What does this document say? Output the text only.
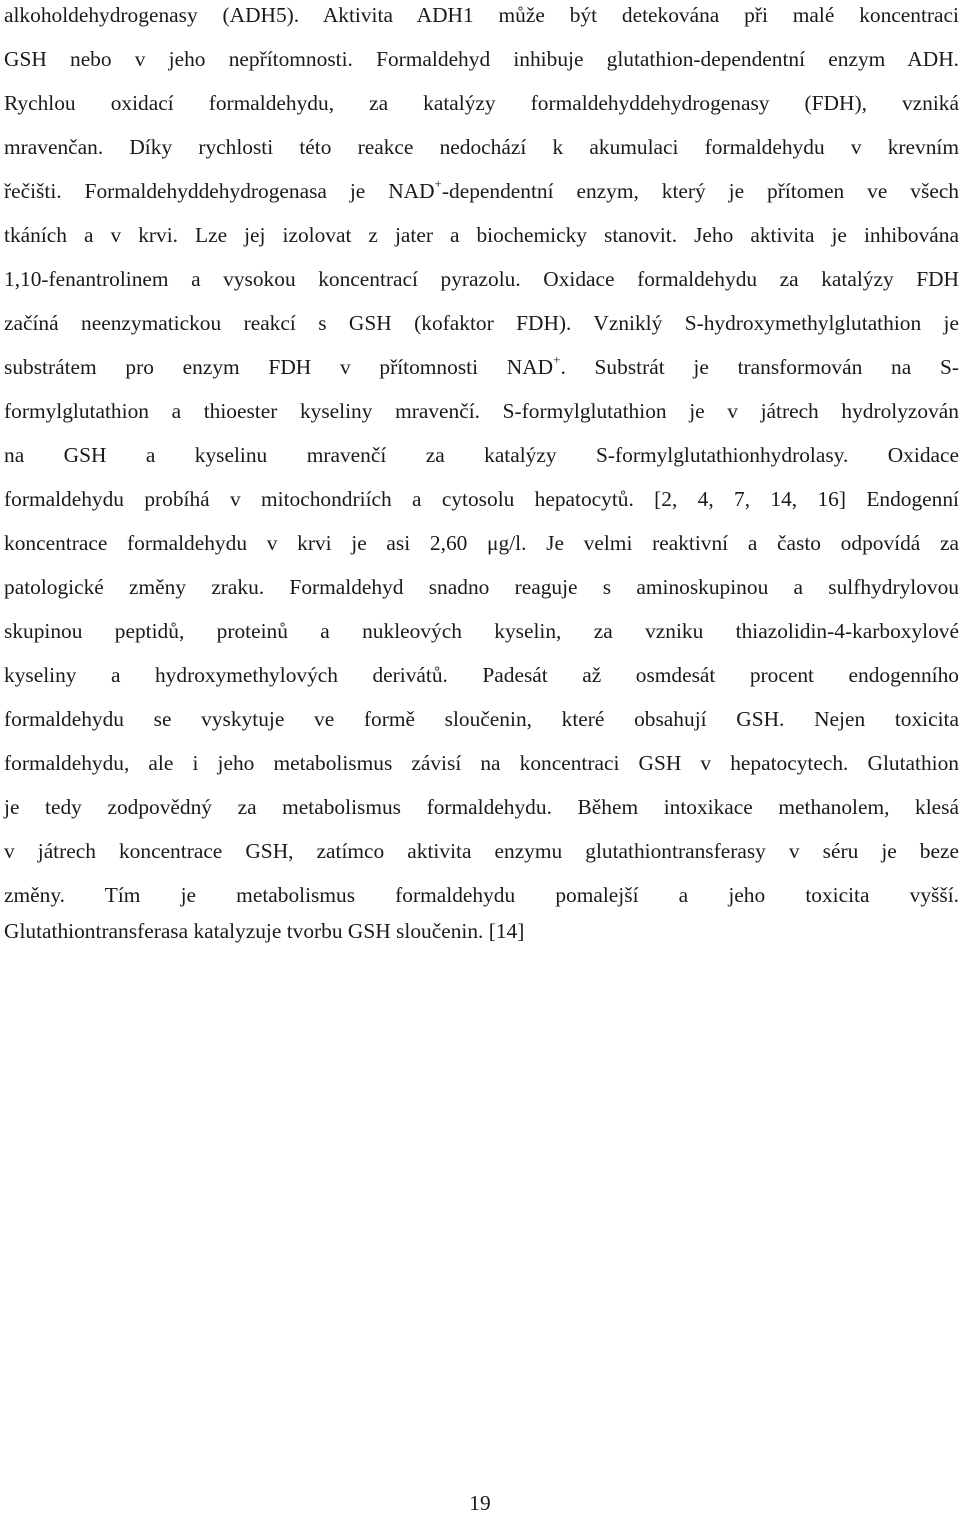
alkoholdehydrogenasy (ADH5). Aktivita ADH1 může být detekována při malé koncentraci
GSH nebo v jeho nepřítomnosti. Formaldehyd inhibuje glutathion-dependentní enzym ADH.
Rychlou oxidací formaldehydu, za katalýzy formaldehyddehydrogenasy (FDH), vzniká
mravenčan. Díky rychlosti této reakce nedochází k akumulaci formaldehydu v krevním
řečišti. Formaldehyddehydrogenasa je NAD+-dependentní enzym, který je přítomen ve všech
tkáních a v krvi. Lze jej izolovat z jater a biochemicky stanovit. Jeho aktivita je inhibována
1,10-fenantrolinem a vysokou koncentrací pyrazolu. Oxidace formaldehydu za katalýzy FDH
začíná neenzymatickou reakcí s GSH (kofaktor FDH). Vzniklý S-hydroxymethylglutathion je
substrátem pro enzym FDH v přítomnosti NAD+. Substrát je transformován na S-
formylglutathion a thioester kyseliny mravenčí. S-formylglutathion je v játrech hydrolyzován
na GSH a kyselinu mravenčí za katalýzy S-formylglutathionhydrolasy. Oxidace
formaldehydu probíhá v mitochondriích a cytosolu hepatocytů. [2, 4, 7, 14, 16] Endogenní
koncentrace formaldehydu v krvi je asi 2,60 μg/l. Je velmi reaktivní a často odpovídá za
patologické změny zraku. Formaldehyd snadno reaguje s aminoskupinou a sulfhydrylovou
skupinou peptidů, proteinů a nukleových kyselin, za vzniku thiazolidin-4-karboxylové
kyseliny a hydroxymethylových derivátů. Padesát až osmdesát procent endogenního
formaldehydu se vyskytuje ve formě sloučenin, které obsahují GSH. Nejen toxicita
formaldehydu, ale i jeho metabolismus závisí na koncentraci GSH v hepatocytech. Glutathion
je tedy zodpovědný za metabolismus formaldehydu. Během intoxikace methanolem, klesá
v játrech koncentrace GSH, zatímco aktivita enzymu glutathiontransferasy v séru je beze
změny. Tím je metabolismus formaldehydu pomalejší a jeho toxicita vyšší.
Glutathiontransferasa katalyzuje tvorbu GSH sloučenin. [14]
19
